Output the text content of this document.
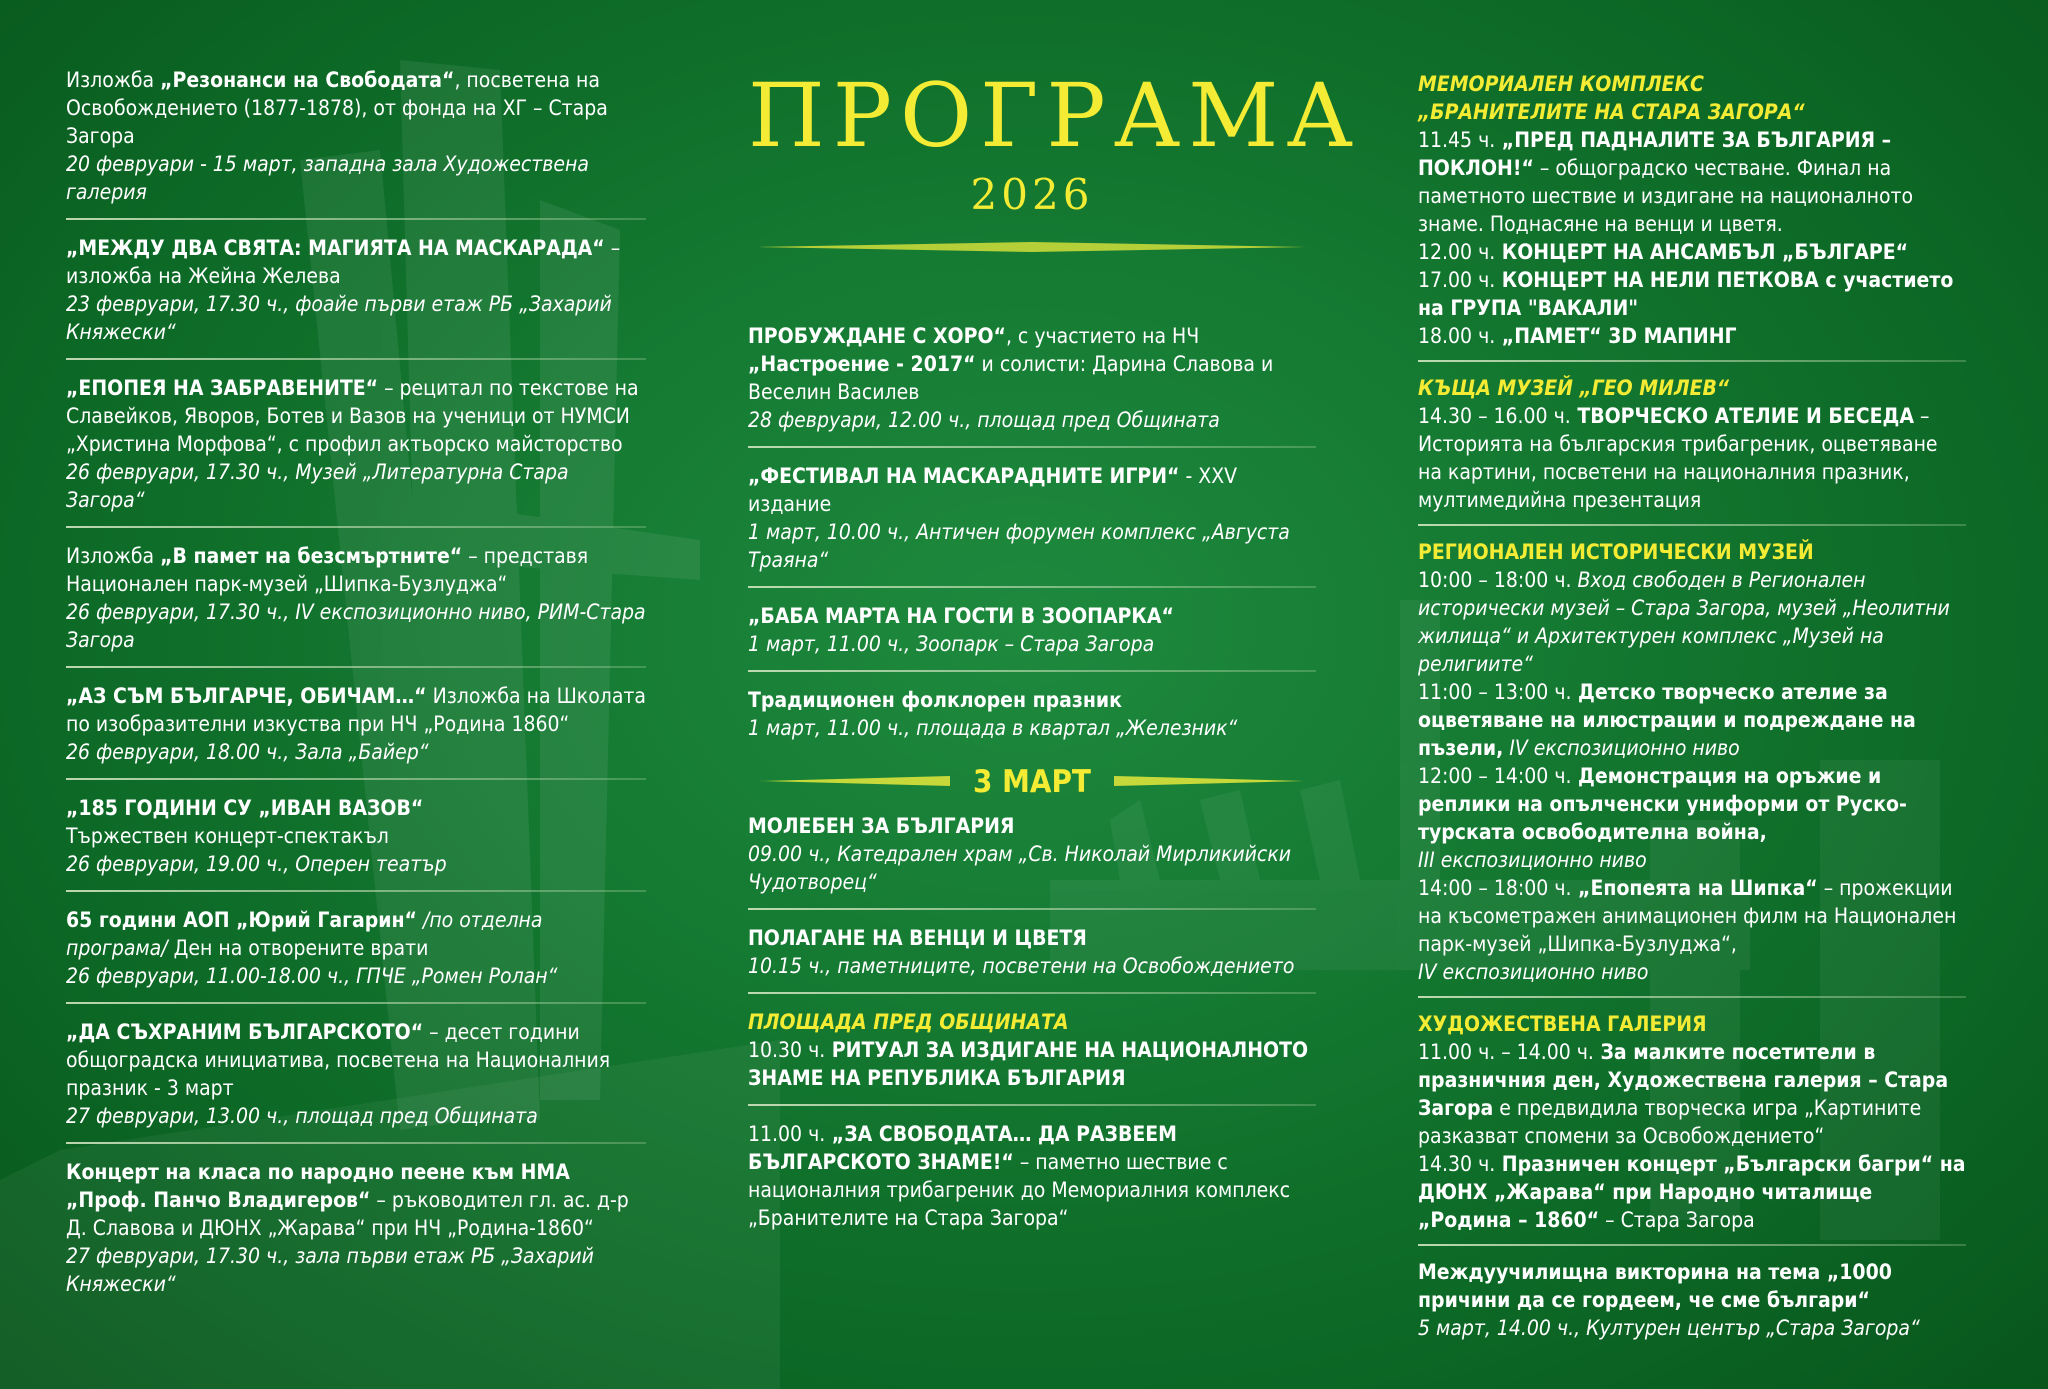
ПРОГРАМА
2026

Изложба „Резонанси на Свободата“, посветена на Освобождението (1877-1878), от фонда на ХГ – Стара Загора

20 февруари - 15 март, западна зала Художествена галерия

„МЕЖДУ ДВА СВЯТА: МАГИЯТА НА МАСКАРАДА“ – изложба на Жейна Желева

23 февруари, 17.30 ч., фоайе първи етаж РБ „Захарий Княжески“

„ЕПОПЕЯ НА ЗАБРАВЕНИТЕ“ – рецитал по текстове на Славейков, Яворов, Ботев и Вазов на ученици от НУМСИ „Христина Морфова“, с профил актьорско майсторство

26 февруари, 17.30 ч., Музей „Литературна Стара Загора“

Изложба „В памет на безсмъртните“ – представя Национален парк-музей „Шипка-Бузлуджа“

26 февруари, 17.30 ч., IV експозиционно ниво, РИМ-Стара Загора

„АЗ СЪМ БЪЛГАРЧЕ, ОБИЧАМ…“ Изложба на Школата по изобразителни изкуства при НЧ „Родина 1860“

26 февруари, 18.00 ч., Зала „Байер“

„185 ГОДИНИ СУ „ИВАН ВАЗОВ“

Тържествен концерт-спектакъл

26 февруари, 19.00 ч., Оперен театър

65 години АОП „Юрий Гагарин“ /по отделна програма/ Ден на отворените врати

26 февруари, 11.00-18.00 ч., ГПЧЕ „Ромен Ролан“

„ДА СЪХРАНИМ БЪЛГАРСКОТО“ – десет години общоградска инициатива, посветена на Националния празник - 3 март

27 февруари, 13.00 ч., площад пред Общината

Концерт на класа по народно пеене към НМА „Проф. Панчо Владигеров“ – ръководител гл. ас. д-р Д. Славова и ДЮНХ „Жарава“ при НЧ „Родина-1860“

27 февруари, 17.30 ч., зала първи етаж РБ „Захарий Княжески“

ПРОБУЖДАНЕ С ХОРО“, с участието на НЧ „Настроение - 2017“ и солисти: Дарина Славова и Веселин Василев

28 февруари, 12.00 ч., площад пред Общината

„ФЕСТИВАЛ НА МАСКАРАДНИТЕ ИГРИ“ - XXV издание

1 март, 10.00 ч., Античен форумен комплекс „Августа Траяна“

„БАБА МАРТА НА ГОСТИ В ЗООПАРКА“

1 март, 11.00 ч., Зоопарк – Стара Загора

Традиционен фолклорен празник

1 март, 11.00 ч., площада в квартал „Железник“

3 МАРТ

МОЛЕБЕН ЗА БЪЛГАРИЯ

09.00 ч., Катедрален храм „Св. Николай Мирликийски Чудотворец“

ПОЛАГАНЕ НА ВЕНЦИ И ЦВЕТЯ

10.15 ч., паметниците, посветени на Освобождението

ПЛОЩАДА ПРЕД ОБЩИНАТА

10.30 ч. РИТУАЛ ЗА ИЗДИГАНЕ НА НАЦИОНАЛНОТО ЗНАМЕ НА РЕПУБЛИКА БЪЛГАРИЯ

11.00 ч. „ЗА СВОБОДАТА… ДА РАЗВЕЕМ БЪЛГАРСКОТО ЗНАМЕ!“ – паметно шествие с националния трибагреник до Мемориалния комплекс „Бранителите на Стара Загора“

МЕМОРИАЛЕН КОМПЛЕКС

„БРАНИТЕЛИТЕ НА СТАРА ЗАГОРА“

11.45 ч. „ПРЕД ПАДНАЛИТЕ ЗА БЪЛГАРИЯ – ПОКЛОН!“ – общоградско честване. Финал на паметното шествие и издигане на националното знаме. Поднасяне на венци и цветя.

12.00 ч. КОНЦЕРТ НА АНСАМБЪЛ „БЪЛГАРЕ“

17.00 ч. КОНЦЕРТ НА НЕЛИ ПЕТКОВА с участието на ГРУПА "ВАКАЛИ"

18.00 ч. „ПАМЕТ“ 3D МАПИНГ

КЪЩА МУЗЕЙ „ГЕО МИЛЕВ“

14.30 – 16.00 ч. ТВОРЧЕСКО АТЕЛИЕ И БЕСЕДА – Историята на българския трибагреник, оцветяване на картини, посветени на националния празник, мултимедийна презентация

РЕГИОНАЛЕН ИСТОРИЧЕСКИ МУЗЕЙ

10:00 – 18:00 ч. Вход свободен в Регионален исторически музей – Стара Загора, музей „Неолитни жилища“ и Архитектурен комплекс „Музей на религиите“

11:00 – 13:00 ч. Детско творческо ателие за оцветяване на илюстрации и подреждане на пъзели, IV експозиционно ниво

12:00 – 14:00 ч. Демонстрация на оръжие и реплики на опълченски униформи от Руско-турската освободителна война,

III експозиционно ниво

14:00 – 18:00 ч. „Епопеята на Шипка“ – прожекции на късометражен анимационен филм на Национален парк-музей „Шипка-Бузлуджа“,

IV експозиционно ниво

ХУДОЖЕСТВЕНА ГАЛЕРИЯ

11.00 ч. – 14.00 ч. За малките посетители в празничния ден, Художествена галерия – Стара Загора е предвидила творческа игра „Картините разказват спомени за Освобождението“

14.30 ч. Празничен концерт „Български багри“ на ДЮНХ „Жарава“ при Народно читалище „Родина – 1860“ – Стара Загора

Междуучилищна викторина на тема „1000 причини да се гордеем, че сме българи“

5 март, 14.00 ч., Културен център „Стара Загора“
